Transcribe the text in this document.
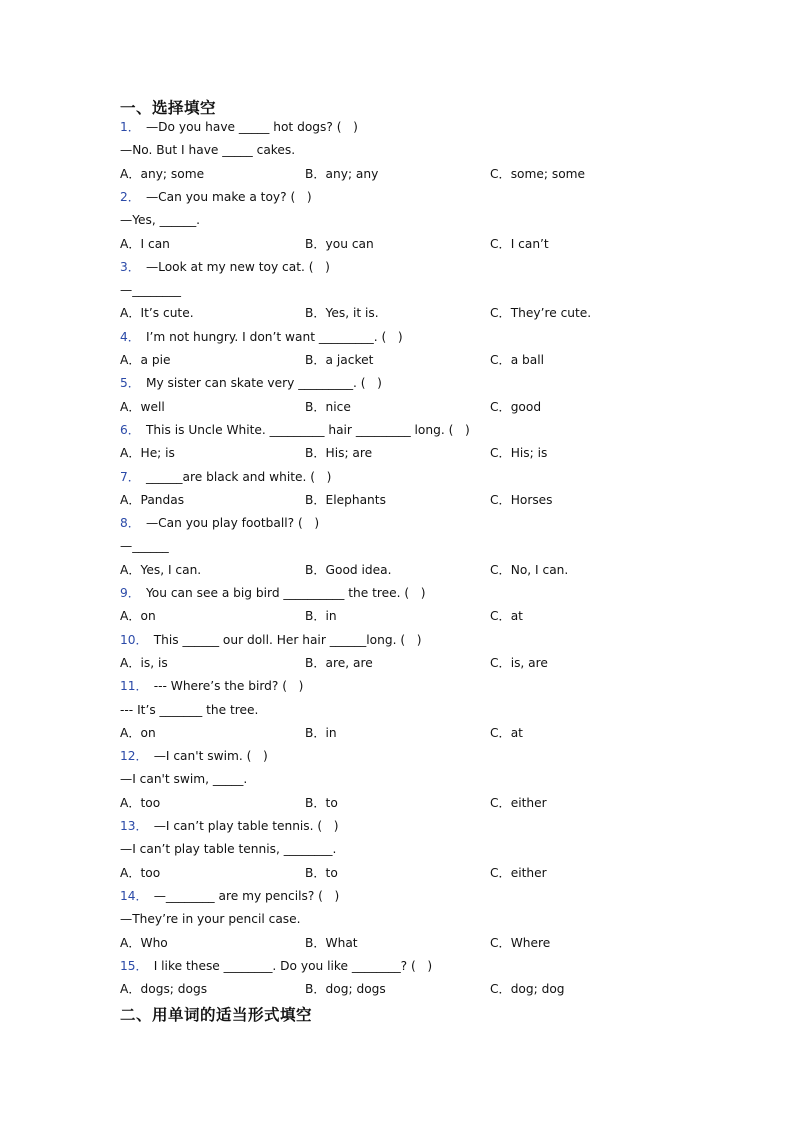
一、选择填空
1． —Do you have _____ hot dogs? (   )
—No. But I have _____ cakes.
A．any; some	B．any; any	C．some; some
2． —Can you make a toy? (   )
—Yes, ______.
A．I can	B．you can	C．I can’t
3． —Look at my new toy cat. (   )
—________
A．It’s cute.	B．Yes, it is.	C．They’re cute.
4． I’m not hungry. I don’t want _________. (   )
A．a pie	B．a jacket	C．a ball
5． My sister can skate very _________. (   )
A．well	B．nice	C．good
6． This is Uncle White. _________ hair _________ long. (   )
A．He; is	B．His; are	C．His; is
7． ______are black and white. (   )
A．Pandas	B．Elephants	C．Horses
8． —Can you play football? (   )
—______
A．Yes, I can.	B．Good idea.	C．No, I can.
9． You can see a big bird __________ the tree. (   )
A．on	B．in	C．at
10． This ______ our doll. Her hair ______long. (   )
A．is, is	B．are, are	C．is, are
11． --- Where’s the bird? (   )
--- It’s _______ the tree.
A．on	B．in	C．at
12． —I can't swim. (   )
—I can't swim, _____.
A．too	B．to	C．either
13． —I can’t play table tennis. (   )
—I can’t play table tennis, ________.
A．too	B．to	C．either
14． —________ are my pencils? (   )
—They’re in your pencil case.
A．Who	B．What	C．Where
15． I like these ________. Do you like ________? (   )
A．dogs; dogs	B．dog; dogs	C．dog; dog
二、用单词的适当形式填空
